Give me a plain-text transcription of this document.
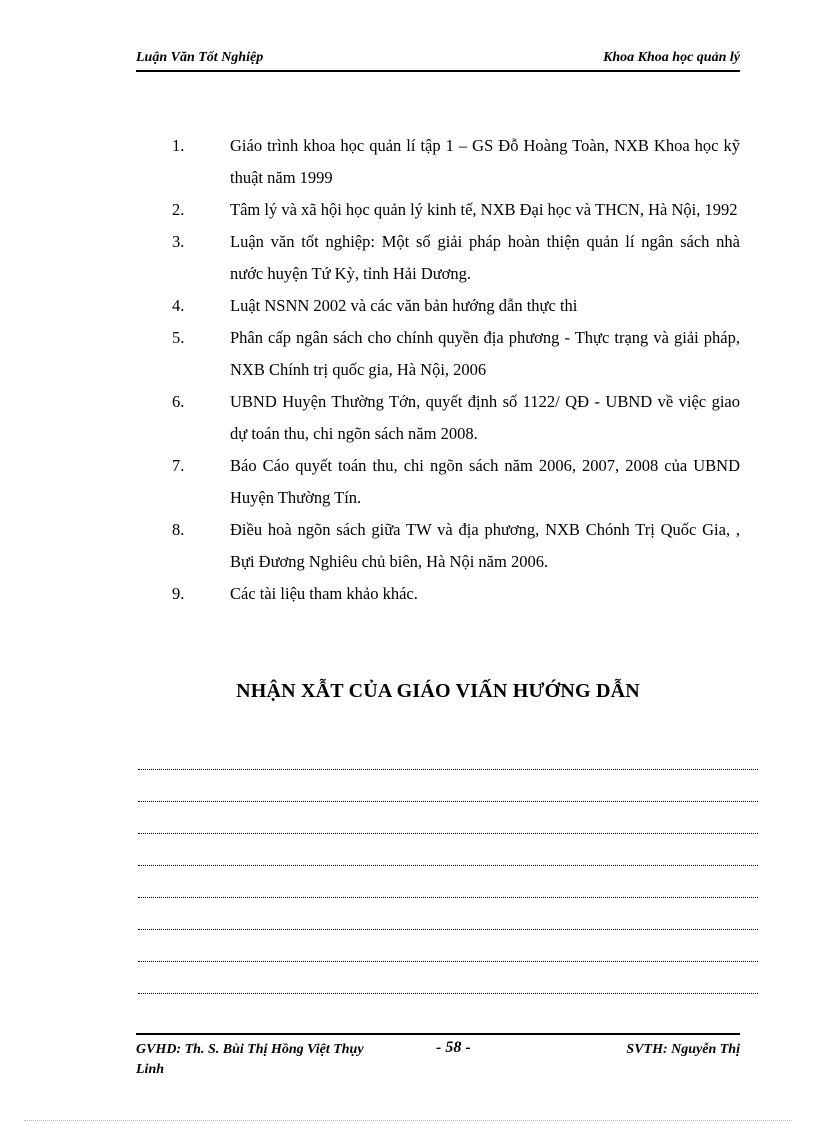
Luận Văn Tốt Nghiệp	Khoa Khoa học quản lý
1.	Giáo trình khoa học quản lí tập 1 – GS Đỗ Hoàng Toàn, NXB Khoa học kỹ thuật năm 1999
2.	Tâm lý và xã hội học quản lý kinh tế, NXB Đại học và THCN, Hà Nội, 1992
3.	Luận văn tốt nghiệp: Một số giải pháp hoàn thiện quản lí ngân sách nhà nước huyện Tứ Kỳ, tỉnh Hải Dương.
4.	Luật NSNN 2002 và các văn bản hướng dẫn thực thi
5.	Phân cấp ngân sách cho chính quyền địa phương - Thực trạng và giải pháp, NXB Chính trị quốc gia, Hà Nội, 2006
6.	UBND Huyện Thường Tớn, quyết định số 1122/ QĐ - UBND về việc giao dự toán thu, chi ngõn sách năm 2008.
7.	Báo Cáo quyết toán thu, chi ngõn sách năm 2006, 2007, 2008 của UBND Huyện Thường Tín.
8.	Điều hoà ngõn sách giữa TW và địa phương, NXB Chónh Trị Quốc Gia, , Bựi Đương Nghiêu chủ biên, Hà Nội năm 2006.
9.	Các tài liệu tham khảo khác.
NHẬN XẪT CỦA GIÁO VIẤN HƯỚNG DẪN
GVHD: Th. S. Bùi Thị Hồng Việt Thụy Linh
- 58 -	SVTH: Nguyễn Thị
